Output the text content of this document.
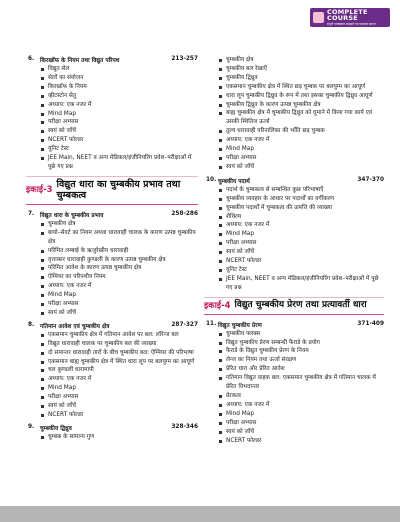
COMPLETE COURSE
संपूर्ण पाठ्यक्रम समझने का एकमात्र साधन
6. किरखॉफ के नियम तथा विद्युत परिपथ	213-257
विद्युत सेल
सेलों का संयोजन
किरखॉफ के नियम
व्हीटस्टोन सेतु
अध्याय: एक नजर में
Mind Map
परीक्षा अभ्यास
स्वयं को जाँचें
NCERT फोल्डर
यूनिट टेस्ट
JEE Main, NEET व अन्य मेडिकल/इंजीनियरिंग प्रवेश–परीक्षाओं में पूछे गए प्रश्न
इकाई-3
विद्युत धारा का चुम्बकीय प्रभाव तथा चुम्बकत्व
7. विद्युत धारा के चुम्बकीय प्रभाव	258-286
चुम्बकीय क्षेत्र
बायो–सेवर्ट का नियम अथवा धारावाही चालक के कारण उत्पन्न चुम्बकीय क्षेत्र
परिमित लम्बाई के ऋजुरेखीय धारावाही
वृत्ताकार धारावाही कुण्डली के कारण उत्पन्न चुम्बकीय क्षेत्र
परिमित आवेश के कारण उत्पन्न चुम्बकीय क्षेत्र
ऐम्पियर का परिपथीय नियम
अध्याय: एक नजर में
Mind Map
परीक्षा अभ्यास
स्वयं को जाँचें
8. गतिमान आवेश एवं चुम्बकीय क्षेत्र	287-327
एकसमान चुम्बकीय क्षेत्र में गतिमान आवेश पर बल: लॉरेन्ज बल
विद्युत धारावाही चालक पर चुम्बकीय बल की व्याख्या
दो समान्तर धारावाही तारों के बीच चुम्बकीय बल: ऐम्पियर की परिभाषा
एकसमान बाह्य चुम्बकीय क्षेत्र में स्थित धारा लूप पर बलयुग्म का आघूर्ण
चल कुण्डली धारामापी
अध्याय: एक नजर में
Mind Map
परीक्षा अभ्यास
स्वयं को जाँचें
NCERT फोल्डर
9. चुम्बकीय द्विध्रुव	328-346
चुम्बक के सामान्य गुण
चुम्बकीय क्षेत्र
चुम्बकीय बल रेखाएँ
चुम्बकीय द्विध्रुव
एकसमान चुम्बकीय क्षेत्र में स्थित छड़ चुम्बक पर बलयुग्म का आघूर्ण
धारा लूप चुम्बकीय द्विध्रुव के रूप में तथा इसका चुम्बकीय द्विध्रुव आघूर्ण
चुम्बकीय द्विध्रुव के कारण उत्पन्न चुम्बकीय क्षेत्र
बाह्य चुम्बकीय क्षेत्र में चुम्बकीय द्विध्रुव को घुमाने में किया गया कार्य एवं उसकी स्थितिज ऊर्जा
तुल्य धारावाही परिनालिका की भाँति छड़ चुम्बक
अध्याय: एक नजर में
Mind Map
परीक्षा अभ्यास
स्वयं को जाँचें
10. चुम्बकीय पदार्थ	347-370
पदार्थ के चुम्बकत्व से सम्बन्धित कुछ परिभाषाएँ
चुम्बकीय व्यवहार के आधार पर पदार्थों का वर्गीकरण
चुम्बकीय पदार्थों में चुम्बकत्व की उत्पत्ति की व्याख्या
शैथिल्य
अध्याय: एक नजर में
Mind Map
परीक्षा अभ्यास
स्वयं को जाँचें
NCERT फोल्डर
यूनिट टेस्ट
JEE Main, NEET व अन्य मेडिकल/इंजीनियरिंग प्रवेश–परीक्षाओं में पूछे गए प्रश्न
इकाई-4 विद्युत चुम्बकीय प्रेरण तथा प्रत्यावर्ती धारा
11. विद्युत चुम्बकीय प्रेरण	371-409
चुम्बकीय फ्लक्स
विद्युत चुम्बकीय प्रेरण सम्बन्धी फैराडे के प्रयोग
फैराडे के विद्युत चुम्बकीय प्रेरण के नियम
लेन्ज का नियम तथा ऊर्जा संरक्षण
प्रेरित धारा और प्रेरित आवेश
गतिमान विद्युत वाहक बल: एकसमान चुम्बकीय क्षेत्र में गतिमान चालक में प्रेरित विभवान्तर
प्रेरकत्व
अध्याय: एक नजर में
Mind Map
परीक्षा अभ्यास
स्वयं को जाँचें
NCERT फोल्डर
